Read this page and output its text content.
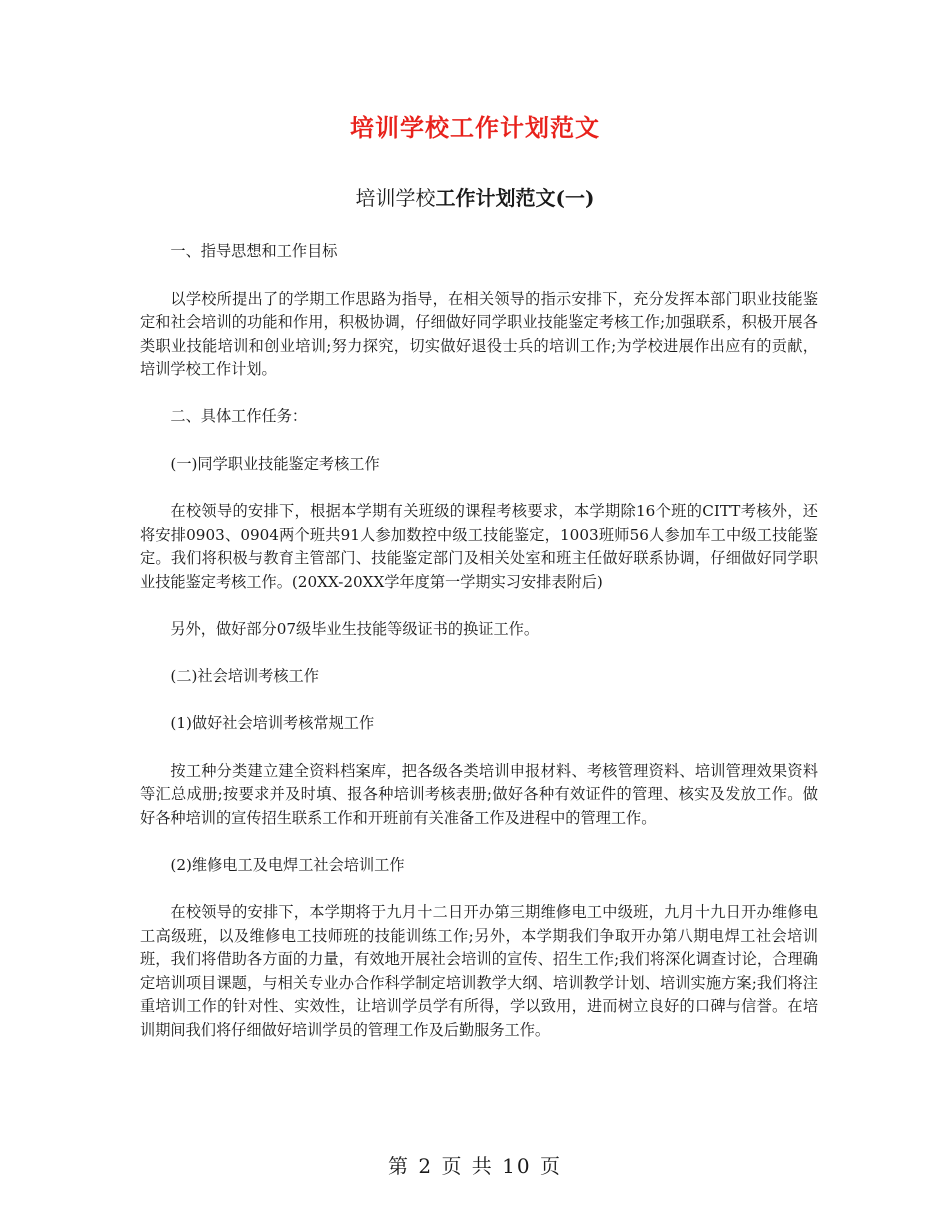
培训学校工作计划范文
培训学校工作计划范文(一)

一、指导思想和工作目标

以学校所提出了的学期工作思路为指导，在相关领导的指示安排下，充分发挥本部门职业技能鉴定和社会培训的功能和作用，积极协调，仔细做好同学职业技能鉴定考核工作;加强联系，积极开展各类职业技能培训和创业培训;努力探究，切实做好退役士兵的培训工作;为学校进展作出应有的贡献，培训学校工作计划。

二、具体工作任务：

(一)同学职业技能鉴定考核工作

在校领导的安排下，根据本学期有关班级的课程考核要求，本学期除16个班的CITT考核外，还将安排0903、0904两个班共91人参加数控中级工技能鉴定，1003班师56人参加车工中级工技能鉴定。我们将积极与教育主管部门、技能鉴定部门及相关处室和班主任做好联系协调，仔细做好同学职业技能鉴定考核工作。(20XX-20XX学年度第一学期实习安排表附后)

另外，做好部分07级毕业生技能等级证书的换证工作。

(二)社会培训考核工作

(1)做好社会培训考核常规工作

按工种分类建立建全资料档案库，把各级各类培训申报材料、考核管理资料、培训管理效果资料等汇总成册;按要求并及时填、报各种培训考核表册;做好各种有效证件的管理、核实及发放工作。做好各种培训的宣传招生联系工作和开班前有关准备工作及进程中的管理工作。

(2)维修电工及电焊工社会培训工作

在校领导的安排下，本学期将于九月十二日开办第三期维修电工中级班，九月十九日开办维修电工高级班，以及维修电工技师班的技能训练工作;另外，本学期我们争取开办第八期电焊工社会培训班，我们将借助各方面的力量，有效地开展社会培训的宣传、招生工作;我们将深化调查讨论，合理确定培训项目课题，与相关专业办合作科学制定培训教学大纲、培训教学计划、培训实施方案;我们将注重培训工作的针对性、实效性，让培训学员学有所得，学以致用，进而树立良好的口碑与信誉。在培训期间我们将仔细做好培训学员的管理工作及后勤服务工作。

第 2 页 共 10 页
